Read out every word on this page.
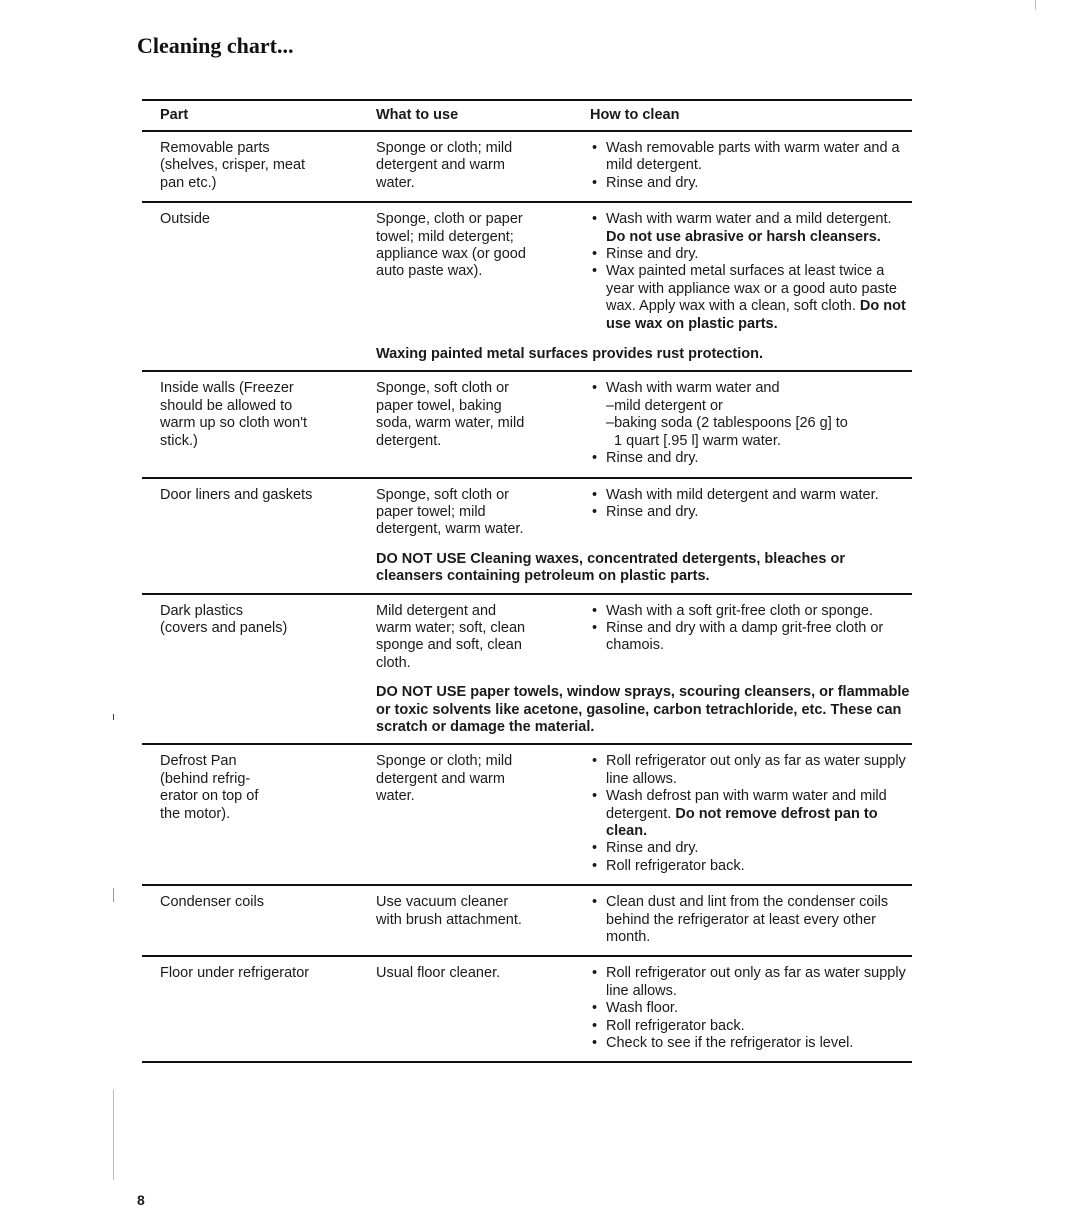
Cleaning chart...
Part	What to use	How to clean
Removable parts
(shelves, crisper, meat
pan etc.)
Sponge or cloth; mild
detergent and warm
water.
• Wash removable parts with warm water and a mild detergent.
• Rinse and dry.
Outside	Sponge, cloth or paper
towel; mild detergent;
appliance wax (or good
auto paste wax).
• Wash with warm water and a mild detergent. Do not use abrasive or harsh cleansers.
• Rinse and dry.
• Wax painted metal surfaces at least twice a year with appliance wax or a good auto paste wax. Apply wax with a clean, soft cloth. Do not use wax on plastic parts.
Waxing painted metal surfaces provides rust protection.
Inside walls (Freezer
should be allowed to
warm up so cloth won't
stick.)
Sponge, soft cloth or
paper towel, baking
soda, warm water, mild
detergent.
• Wash with warm water and
–mild detergent or
–baking soda (2 tablespoons [26 g] to
1 quart [.95 l] warm water.
• Rinse and dry.
Door liners and gaskets	Sponge, soft cloth or
paper towel; mild
detergent, warm water.
• Wash with mild detergent and warm water.
• Rinse and dry.
DO NOT USE Cleaning waxes, concentrated detergents, bleaches or cleansers containing petroleum on plastic parts.
Dark plastics
(covers and panels)
Mild detergent and
warm water; soft, clean
sponge and soft, clean
cloth.
• Wash with a soft grit-free cloth or sponge.
• Rinse and dry with a damp grit-free cloth or chamois.
DO NOT USE paper towels, window sprays, scouring cleansers, or flammable or toxic solvents like acetone, gasoline, carbon tetrachloride, etc. These can scratch or damage the material.
Defrost Pan
(behind refrig-
erator on top of
the motor).
Sponge or cloth; mild
detergent and warm
water.
• Roll refrigerator out only as far as water supply line allows.
• Wash defrost pan with warm water and mild detergent. Do not remove defrost pan to clean.
• Rinse and dry.
• Roll refrigerator back.
Condenser coils	Use vacuum cleaner
with brush attachment.
• Clean dust and lint from the condenser coils behind the refrigerator at least every other month.
Floor under refrigerator	Usual floor cleaner.
•	Roll refrigerator out only as far as water supply line allows.
• Wash floor.
• Roll refrigerator back.
• Check to see if the refrigerator is level.

8
